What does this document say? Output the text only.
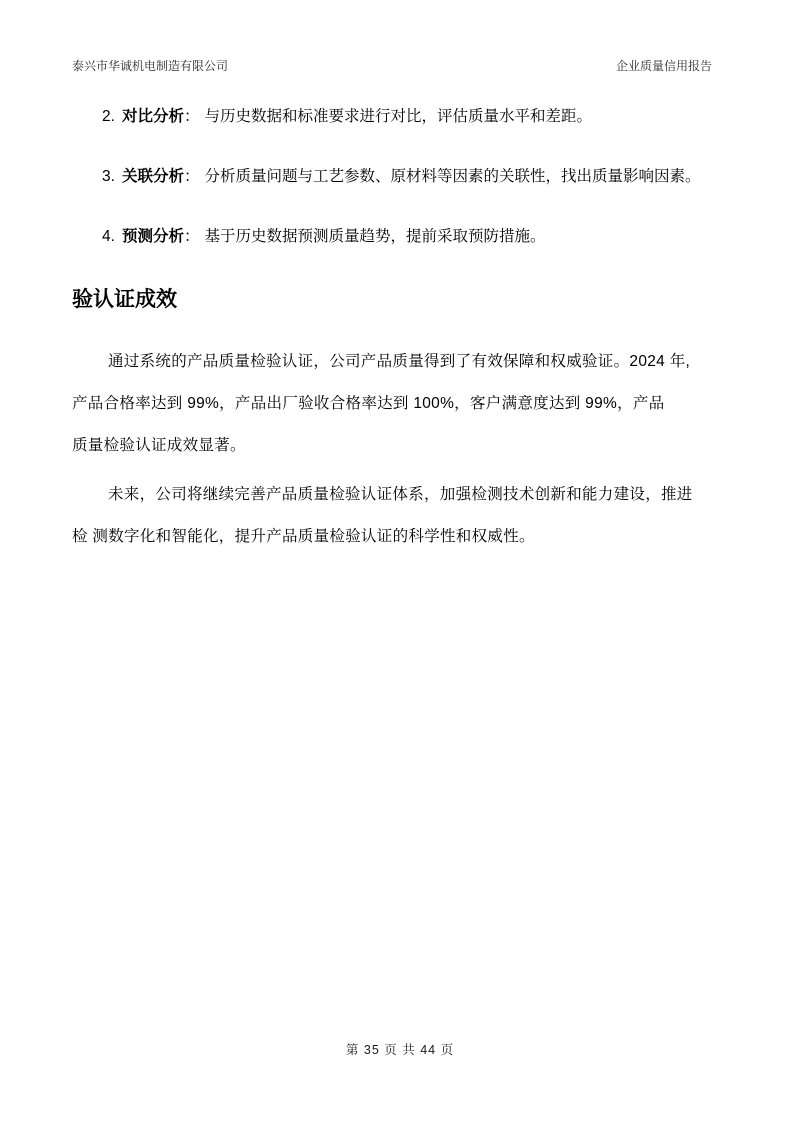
泰兴市华诚机电制造有限公司	企业质量信用报告
2. 对比分析： 与历史数据和标准要求进行对比，评估质量水平和差距。
3. 关联分析： 分析质量问题与工艺参数、原材料等因素的关联性，找出质量影响因素。
4. 预测分析： 基于历史数据预测质量趋势，提前采取预防措施。
验认证成效
通过系统的产品质量检验认证，公司产品质量得到了有效保障和权威验证。2024 年,
产品合格率达到 99%，产品出厂验收合格率达到 100%，客户满意度达到 99%，产品
质量检验认证成效显著。
未来，公司将继续完善产品质量检验认证体系，加强检测技术创新和能力建设，推进
检 测数字化和智能化，提升产品质量检验认证的科学性和权威性。
第 35 页 共 44 页
